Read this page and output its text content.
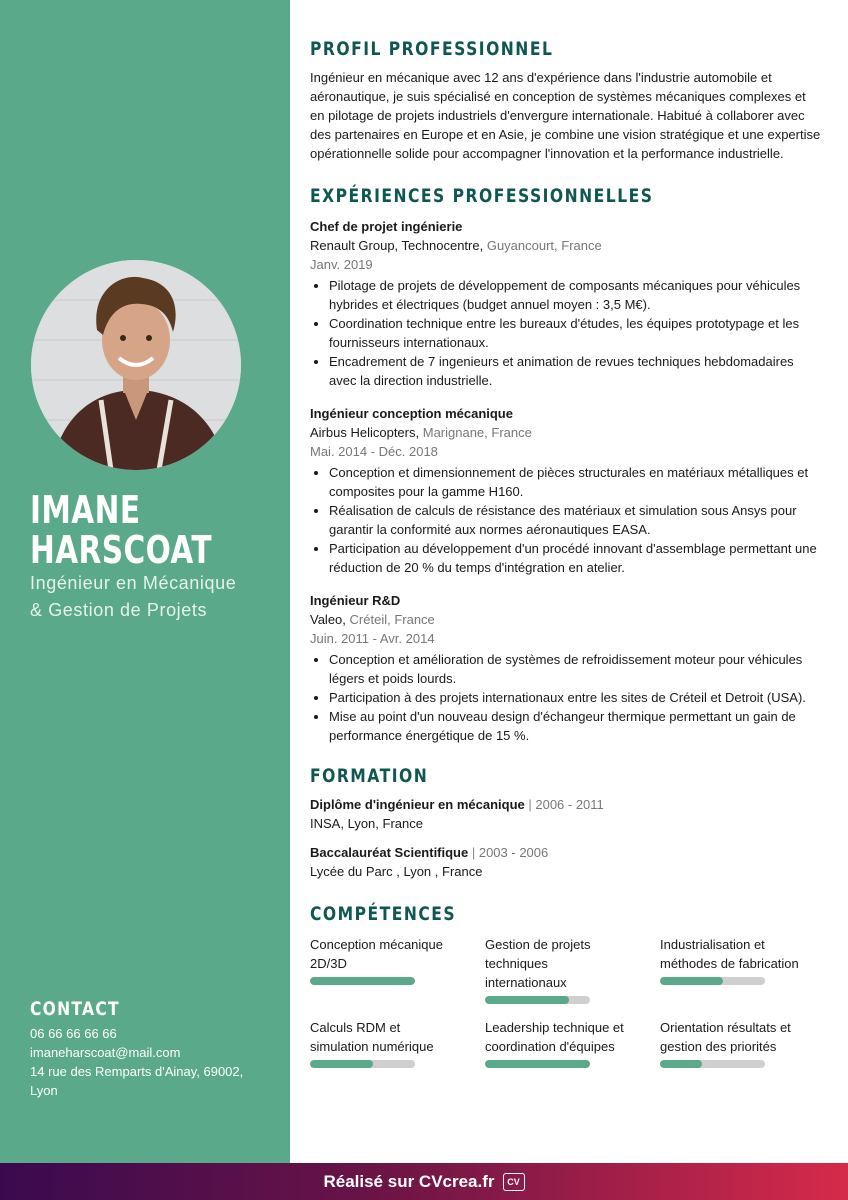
IMANE
HARSCOAT
Ingénieur en Mécanique
& Gestion de Projets
CONTACT
06 66 66 66 66
imaneharscoat@mail.com
14 rue des Remparts d'Ainay, 69002, Lyon
PROFIL PROFESSIONNEL

Ingénieur en mécanique avec 12 ans d'expérience dans l'industrie automobile et aéronautique, je suis spécialisé en conception de systèmes mécaniques complexes et en pilotage de projets industriels d'envergure internationale. Habitué à collaborer avec des partenaires en Europe et en Asie, je combine une vision stratégique et une expertise opérationnelle solide pour accompagner l'innovation et la performance industrielle.

EXPÉRIENCES PROFESSIONNELLES
Chef de projet ingénierie
Renault Group, Technocentre, Guyancourt, France
Janv. 2019
• Pilotage de projets de développement de composants mécaniques pour véhicules hybrides et électriques (budget annuel moyen : 3,5 M€).
• Coordination technique entre les bureaux d'études, les équipes prototypage et les fournisseurs internationaux.
• Encadrement de 7 ingenieurs et animation de revues techniques hebdomadaires avec la direction industrielle.
Ingénieur conception mécanique
Airbus Helicopters, Marignane, France
Mai. 2014 - Déc. 2018
• Conception et dimensionnement de pièces structurales en matériaux métalliques et composites pour la gamme H160.
• Réalisation de calculs de résistance des matériaux et simulation sous Ansys pour garantir la conformité aux normes aéronautiques EASA.
• Participation au développement d'un procédé innovant d'assemblage permettant une réduction de 20 % du temps d'intégration en atelier.
Ingénieur R&D
Valeo, Créteil, France
Juin. 2011 - Avr. 2014
• Conception et amélioration de systèmes de refroidissement moteur pour véhicules légers et poids lourds.
• Participation à des projets internationaux entre les sites de Créteil et Detroit (USA).
• Mise au point d'un nouveau design d'échangeur thermique permettant un gain de performance énergétique de 15 %.
FORMATION
Diplôme d'ingénieur en mécanique | 2006 - 2011
INSA, Lyon, France
Baccalauréat Scientifique | 2003 - 2006
Lycée du Parc , Lyon , France
COMPÉTENCES
Conception mécanique 2D/3D
Gestion de projets techniques internationaux
Industrialisation et méthodes de fabrication
Calculs RDM et simulation numérique
Leadership technique et coordination d'équipes
Orientation résultats et gestion des priorités
Réalisé sur CVcrea.fr	CV
